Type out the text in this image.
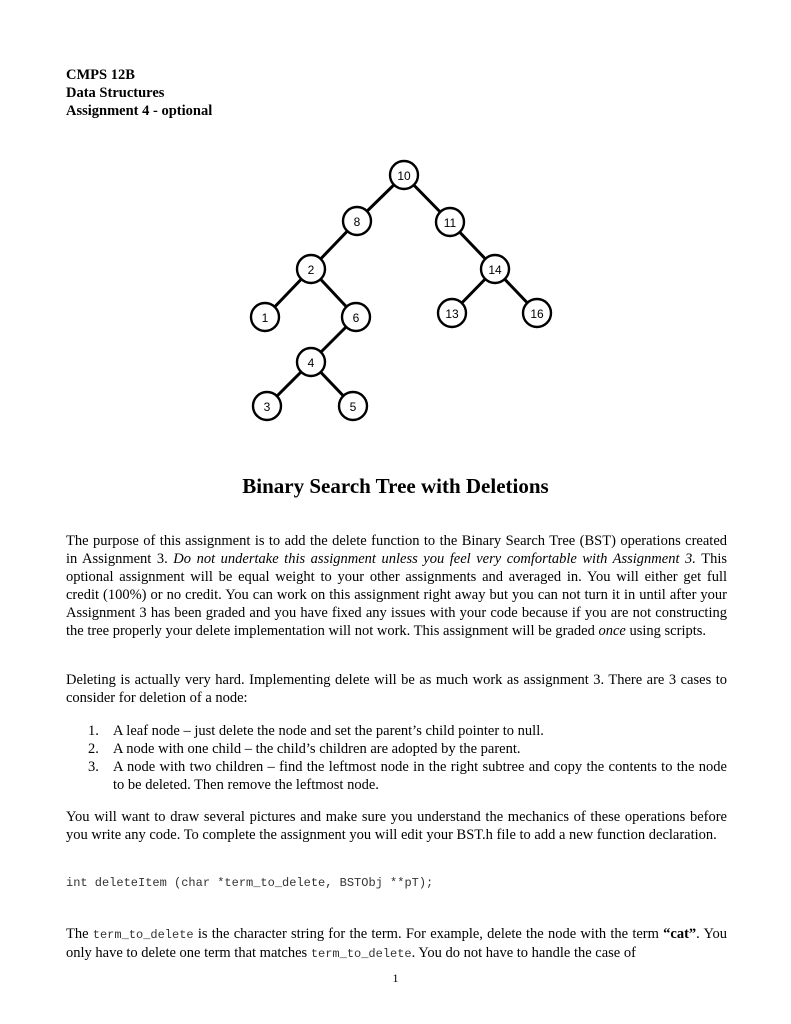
CMPS 12B
Data Structures
Assignment 4 - optional
10
8	11
2	14
1	6	13	16
4
3	5
Binary Search Tree with Deletions
The purpose of this assignment is to add the delete function to the Binary Search Tree (BST) operations created in Assignment 3. Do not undertake this assignment unless you feel very comfortable with Assignment 3. This optional assignment will be equal weight to your other assignments and averaged in. You will either get full credit (100%) or no credit. You can work on this assignment right away but you can not turn it in until after your Assignment 3 has been graded and you have fixed any issues with your code because if you are not constructing the tree properly your delete implementation will not work. This assignment will be graded once using scripts.
Deleting is actually very hard. Implementing delete will be as much work as assignment 3. There are 3 cases to consider for deletion of a node:
1. A leaf node – just delete the node and set the parent’s child pointer to null.
2. A node with one child – the child’s children are adopted by the parent.
3. A node with two children – find the leftmost node in the right subtree and copy the contents to the node to be deleted. Then remove the leftmost node.
You will want to draw several pictures and make sure you understand the mechanics of these operations before you write any code. To complete the assignment you will edit your BST.h file to add a new function declaration.
int deleteItem (char *term_to_delete, BSTObj **pT);
The term_to_delete is the character string for the term. For example, delete the node with the term “cat”. You only have to delete one term that matches term_to_delete. You do not have to handle the case of
1
